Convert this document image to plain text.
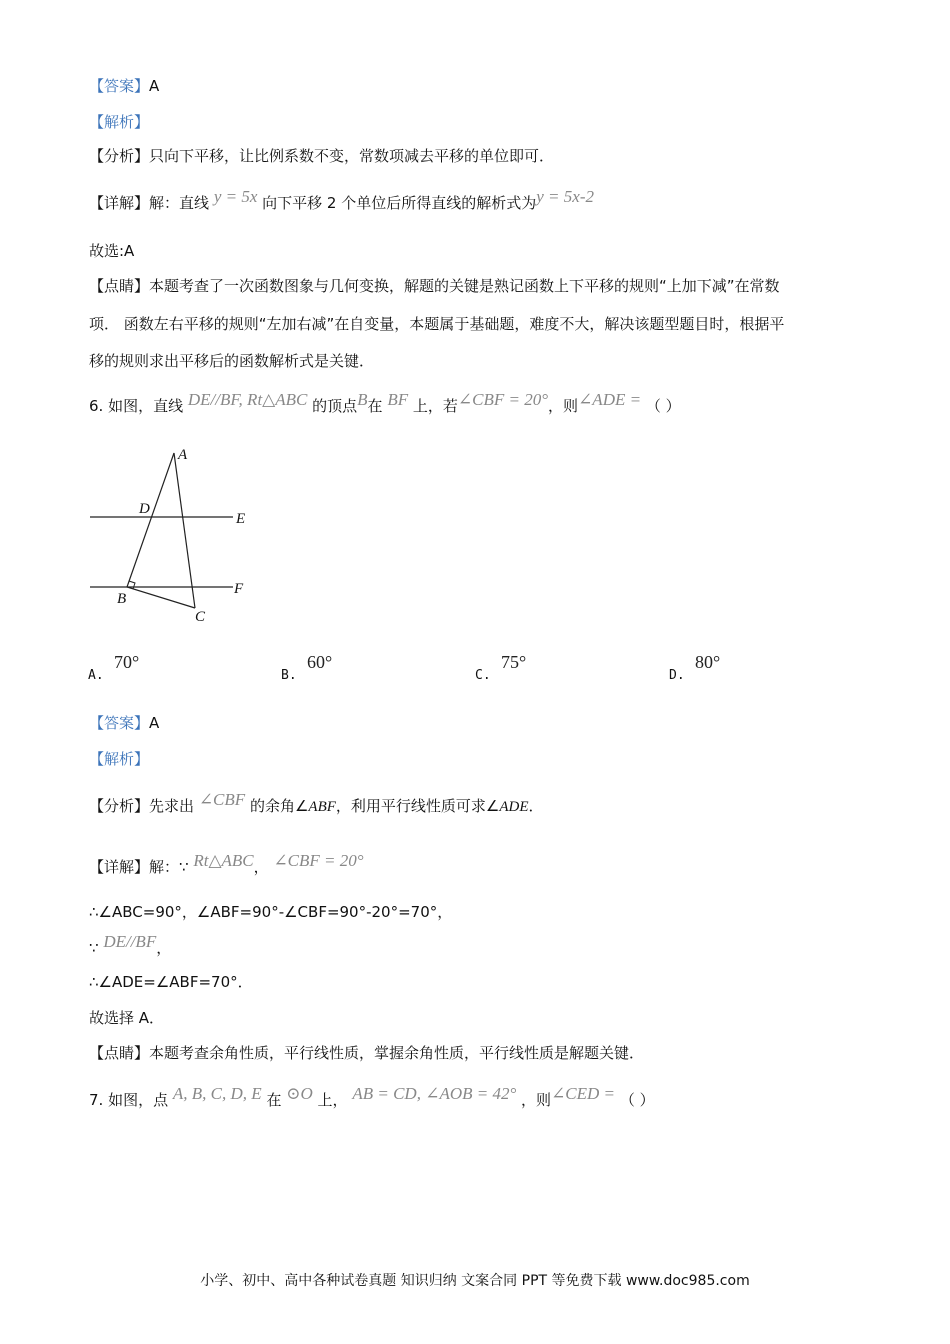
【答案】A
【解析】
【分析】只向下平移，让比例系数不变，常数项减去平移的单位即可．
【详解】解：直线 y = 5x 向下平移 2 个单位后所得直线的解析式为y = 5x-2
故选:A
【点睛】本题考查了一次函数图象与几何变换，解题的关键是熟记函数上下平移的规则“上加下减”在常数
项． 函数左右平移的规则“左加右减”在自变量，本题属于基础题，难度不大，解决该题型题目时，根据平
移的规则求出平移后的函数解析式是关键．
6. 如图，直线 DE//BF, Rt△ABC 的顶点B在 BF 上，若∠CBF = 20°，则∠ADE = （ ）
A
D
E
B
F
C
A.
70°
B.
60°
C.
75°
D.
80°
【答案】A
【解析】
【分析】先求出 ∠CBF 的余角∠ABF，利用平行线性质可求∠ADE．
【详解】解：∵ Rt△ABC， ∠CBF = 20°
∴∠ABC=90°，∠ABF=90°-∠CBF=90°-20°=70°，
∵ DE//BF，
∴∠ADE=∠ABF=70°．
故选择 A．
【点睛】本题考查余角性质，平行线性质，掌握余角性质，平行线性质是解题关键．
7. 如图，点 A, B, C, D, E 在 ⊙O 上， AB = CD, ∠AOB = 42° ，则∠CED = （ ）
小学、初中、高中各种试卷真题 知识归纳 文案合同 PPT 等免费下载 www.doc985.com
